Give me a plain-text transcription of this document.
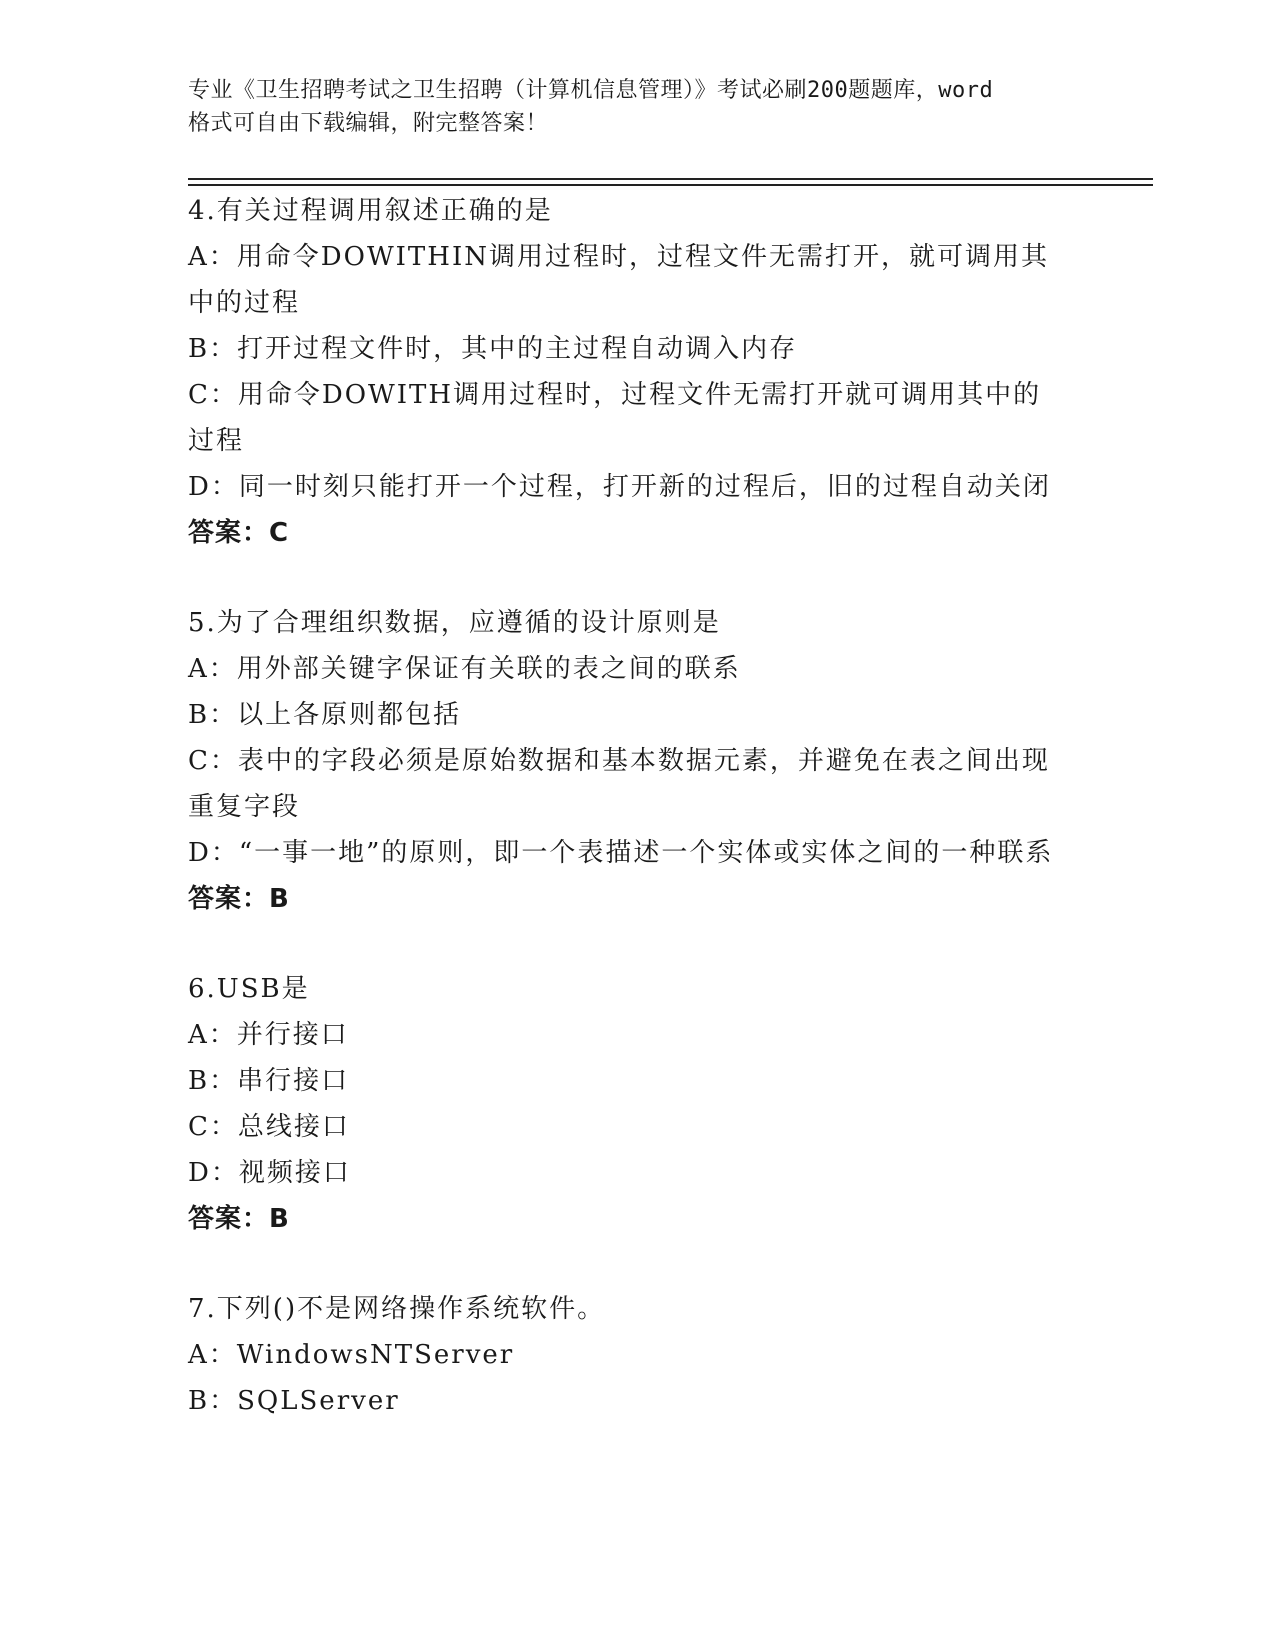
专业《卫生招聘考试之卫生招聘（计算机信息管理）》考试必刷200题题库，word
格式可自由下载编辑，附完整答案！

4.有关过程调用叙述正确的是

A：用命令DOWITHIN调用过程时，过程文件无需打开，就可调用其中的过程

B：打开过程文件时，其中的主过程自动调入内存

C：用命令DOWITH调用过程时，过程文件无需打开就可调用其中的过程

D：同一时刻只能打开一个过程，打开新的过程后，旧的过程自动关闭

答案：C

5.为了合理组织数据，应遵循的设计原则是

A：用外部关键字保证有关联的表之间的联系

B：以上各原则都包括

C：表中的字段必须是原始数据和基本数据元素，并避免在表之间出现重复字段

D：“一事一地”的原则，即一个表描述一个实体或实体之间的一种联系

答案：B

6.USB是

A：并行接口

B：串行接口

C：总线接口

D：视频接口

答案：B

7.下列()不是网络操作系统软件。

A：WindowsNTServer

B：SQLServer
